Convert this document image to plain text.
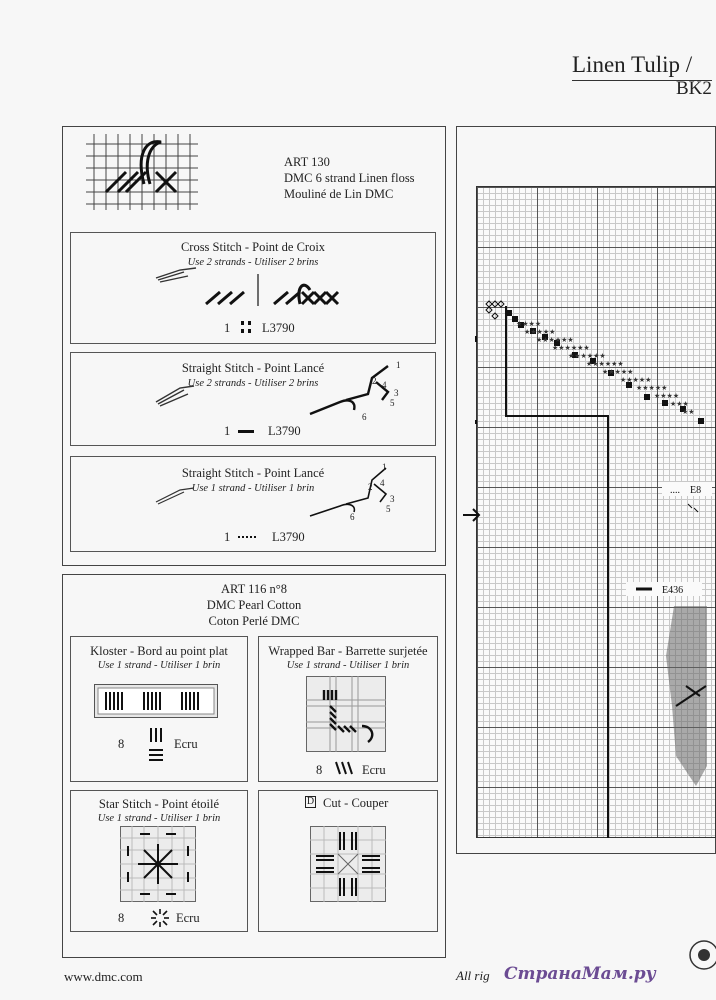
Linen Tulip /
BK2
ART 130
DMC 6 strand Linen floss
Mouliné de Lin DMC
Cross Stitch - Point de Croix
Use 2 strands - Utiliser 2 brins
1	L3790
Straight Stitch - Point Lancé
Use 2 strands - Utiliser 2 brins
1
2
3
4
5
6
1	L3790
Straight Stitch - Point Lancé
Use 1 strand - Utiliser 1 brin
1
2
3
4
5
6
1	L3790
ART 116 n°8
DMC Pearl Cotton
Coton Perlé DMC
Kloster - Bord au point plat
Use 1 strand - Utiliser 1 brin
8	Ecru
Wrapped Bar - Barrette surjetée
Use 1 strand - Utiliser 1 brin
8	Ecru
Star Stitch - Point étoilé
Use 1 strand - Utiliser 1 brin
8	Ecru
D Cut - Couper
★★★★
★★★★★
★★★★★★
★★★★★★
★★★★★★
★★★★★★
★★★★★
★★★★★
★★★★★
★★★★
★★★
★★
.... E8
E436
www.dmc.com	All rig СтранаМам.ру
